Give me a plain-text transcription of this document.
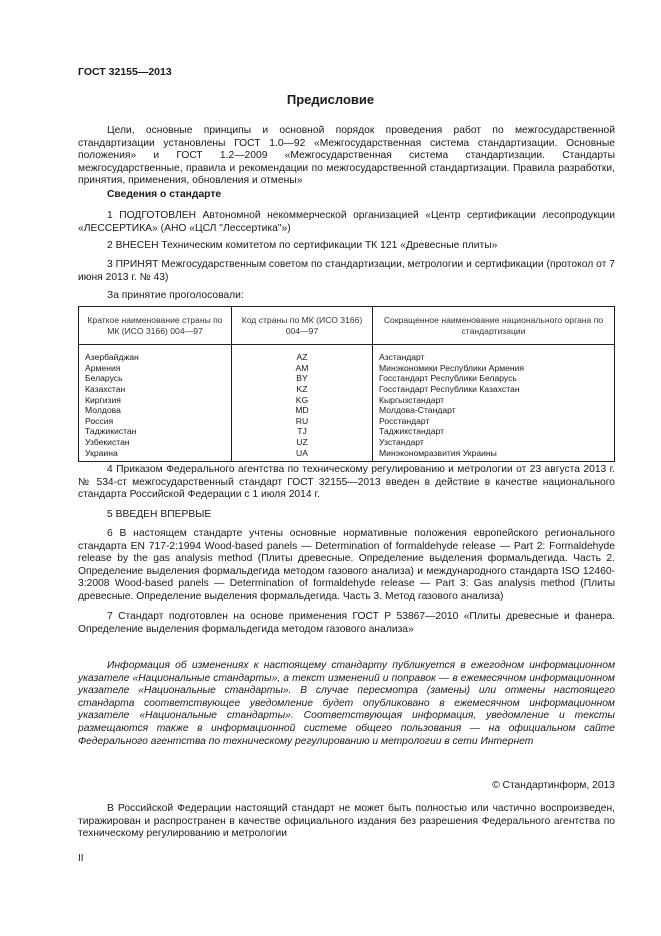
ГОСТ 32155—2013
Предисловие
Цели, основные принципы и основной порядок проведения работ по межгосударственной стандартизации установлены ГОСТ 1.0—92 «Межгосударственная система стандартизации. Основные положения» и ГОСТ 1.2—2009 «Межгосударственная система стандартизации. Стандарты межгосударственные, правила и рекомендации по межгосударственной стандартизации. Правила разработки, принятия, применения, обновления и отмены»
Сведения о стандарте
1 ПОДГОТОВЛЕН Автономной некоммерческой организацией «Центр сертификации лесопродукции «ЛЕССЕРТИКА» (АНО «ЦСЛ "Лессертика"»)
2 ВНЕСЕН Техническим комитетом по сертификации ТК 121 «Древесные плиты»
3 ПРИНЯТ Межгосударственным советом по стандартизации, метрологии и сертификации (протокол от 7 июня 2013 г. № 43)
За принятие проголосовали:
Краткое наименование страны по МК (ИСО 3166) 004—97	Код страны по МК (ИСО 3166) 004—97	Сокращенное наименование национального органа по стандартизации
Азербайджан	AZ	Азстандарт
Армения	AM	Минэкономики Республики Армения
Беларусь	BY	Госстандарт Республики Беларусь
Казахстан	KZ	Госстандарт Республики Казахстан
Киргизия	KG	Кыргызстандарт
Молдова	MD	Молдова-Стандарт
Россия	RU	Росстандарт
Таджикистан	TJ	Таджикстандарт
Узбекистан	UZ	Узстандарт
Украина	UA	Минэкономразвития Украины
4 Приказом Федерального агентства по техническому регулированию и метрологии от 23 августа 2013 г. № 534-ст межгосударственный стандарт ГОСТ 32155—2013 введен в действие в качестве национального стандарта Российской Федерации с 1 июля 2014 г.
5 ВВЕДЕН ВПЕРВЫЕ
6 В настоящем стандарте учтены основные нормативные положения европейского регионального стандарта EN 717-2:1994 Wood-based panels — Determination of formaldehyde release — Part 2: Formaldehyde release by the gas analysis method (Плиты древесные. Определение выделения формальдегида. Часть 2. Определение выделения формальдегида методом газового анализа) и международного стандарта ISO 12460-3:2008 Wood-based panels — Determination of formaldehyde release — Part 3: Gas analysis method (Плиты древесные. Определение выделения формальдегида. Часть 3. Метод газового анализа)
7 Стандарт подготовлен на основе применения ГОСТ Р 53867—2010 «Плиты древесные и фанера. Определение выделения формальдегида методом газового анализа»
Информация об изменениях к настоящему стандарту публикуется в ежегодном информационном указателе «Национальные стандарты», а текст изменений и поправок — в ежемесячном информационном указателе «Национальные стандарты». В случае пересмотра (замены) или отмены настоящего стандарта соответствующее уведомление будет опубликовано в ежемесячном информационном указателе «Национальные стандарты». Соответствующая информация, уведомление и тексты размещаются также в информационной системе общего пользования — на официальном сайте Федерального агентства по техническому регулированию и метрологии в сети Интернет
© Стандартинформ, 2013
В Российской Федерации настоящий стандарт не может быть полностью или частично воспроизведен, тиражирован и распространен в качестве официального издания без разрешения Федерального агентства по техническому регулированию и метрологии
II
